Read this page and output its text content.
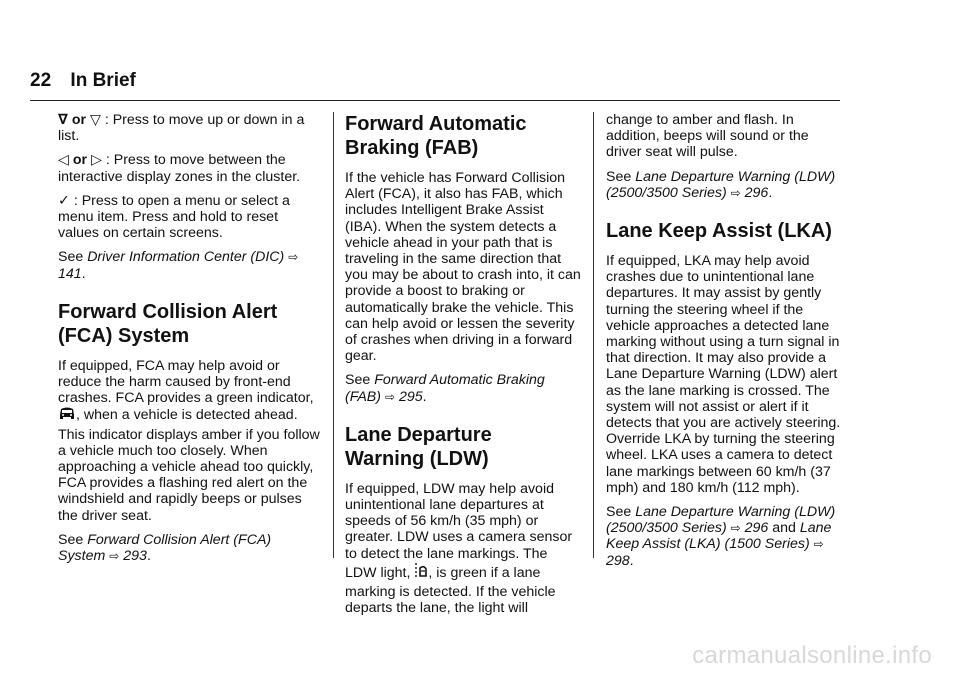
22 In Brief

∇ or ▽ : Press to move up or down in a list.

◁ or ▷ : Press to move between the interactive display zones in the cluster.

✓ : Press to open a menu or select a menu item. Press and hold to reset values on certain screens.

See Driver Information Center (DIC) ⇨ 141.

Forward Collision Alert
(FCA) System

If equipped, FCA may help avoid or reduce the harm caused by front-end crashes. FCA provides a green indicator, , when a vehicle is detected ahead. This indicator displays amber if you follow a vehicle much too closely. When approaching a vehicle ahead too quickly, FCA provides a flashing red alert on the windshield and rapidly beeps or pulses the driver seat.

See Forward Collision Alert (FCA) System ⇨ 293.

Forward Automatic
Braking (FAB)

If the vehicle has Forward Collision Alert (FCA), it also has FAB, which includes Intelligent Brake Assist (IBA). When the system detects a vehicle ahead in your path that is traveling in the same direction that you may be about to crash into, it can provide a boost to braking or automatically brake the vehicle. This can help avoid or lessen the severity of crashes when driving in a forward gear.

See Forward Automatic Braking (FAB) ⇨ 295.

Lane Departure
Warning (LDW)

If equipped, LDW may help avoid unintentional lane departures at speeds of 56 km/h (35 mph) or greater. LDW uses a camera sensor to detect the lane markings. The LDW light, , is green if a lane marking is detected. If the vehicle departs the lane, the light will

change to amber and flash. In addition, beeps will sound or the driver seat will pulse.

See Lane Departure Warning (LDW) (2500/3500 Series) ⇨ 296.

Lane Keep Assist (LKA)

If equipped, LKA may help avoid crashes due to unintentional lane departures. It may assist by gently turning the steering wheel if the vehicle approaches a detected lane marking without using a turn signal in that direction. It may also provide a Lane Departure Warning (LDW) alert as the lane marking is crossed. The system will not assist or alert if it detects that you are actively steering. Override LKA by turning the steering wheel. LKA uses a camera to detect lane markings between 60 km/h (37 mph) and 180 km/h (112 mph).

See Lane Departure Warning (LDW) (2500/3500 Series) ⇨ 296 and Lane Keep Assist (LKA) (1500 Series) ⇨ 298.

carmanualsonline.info
